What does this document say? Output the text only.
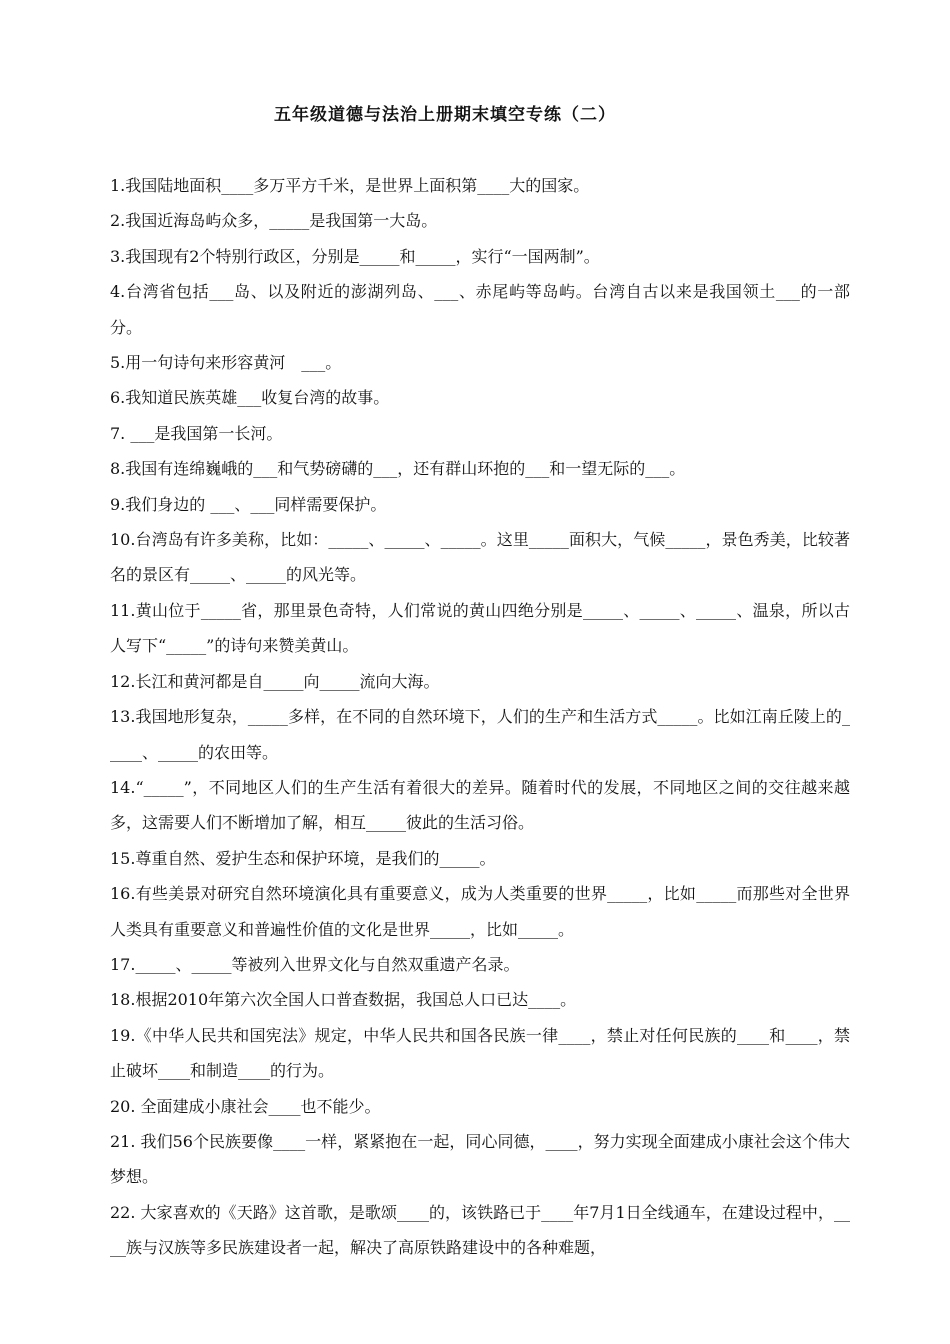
五年级道德与法治上册期末填空专练（二）

1.我国陆地面积____多万平方千米，是世界上面积第____大的国家。

2.我国近海岛屿众多，_____是我国第一大岛。

3.我国现有2个特别行政区，分别是_____和_____，实行“一国两制”。

4.台湾省包括___岛、以及附近的澎湖列岛、___、赤尾屿等岛屿。台湾自古以来是我国领土___的一部分。

5.用一句诗句来形容黄河　___。

6.我知道民族英雄___收复台湾的故事。

7. ___是我国第一长河。

8.我国有连绵巍峨的___和气势磅礴的___，还有群山环抱的___和一望无际的___。

9.我们身边的 ___、___同样需要保护。

10.台湾岛有许多美称，比如：_____、_____、_____。这里_____面积大，气候_____，景色秀美，比较著名的景区有_____、_____的风光等。

11.黄山位于_____省，那里景色奇特，人们常说的黄山四绝分别是_____、_____、_____、温泉，所以古人写下“_____”的诗句来赞美黄山。

12.长江和黄河都是自_____向_____流向大海。

13.我国地形复杂，_____多样，在不同的自然环境下，人们的生产和生活方式_____。比如江南丘陵上的_____、_____的农田等。

14.“_____”，不同地区人们的生产生活有着很大的差异。随着时代的发展，不同地区之间的交往越来越多，这需要人们不断增加了解，相互_____彼此的生活习俗。

15.尊重自然、爱护生态和保护环境，是我们的_____。

16.有些美景对研究自然环境演化具有重要意义，成为人类重要的世界_____，比如_____而那些对全世界人类具有重要意义和普遍性价值的文化是世界_____，比如_____。

17._____、_____等被列入世界文化与自然双重遗产名录。

18.根据2010年第六次全国人口普查数据，我国总人口已达____。

19.《中华人民共和国宪法》规定，中华人民共和国各民族一律____，禁止对任何民族的____和____，禁止破坏____和制造____的行为。

20. 全面建成小康社会____也不能少。

21. 我们56个民族要像____一样，紧紧抱在一起，同心同德，____，努力实现全面建成小康社会这个伟大梦想。

22. 大家喜欢的《天路》这首歌，是歌颂____的，该铁路已于____年7月1日全线通车，在建设过程中，____族与汉族等多民族建设者一起，解决了高原铁路建设中的各种难题，
